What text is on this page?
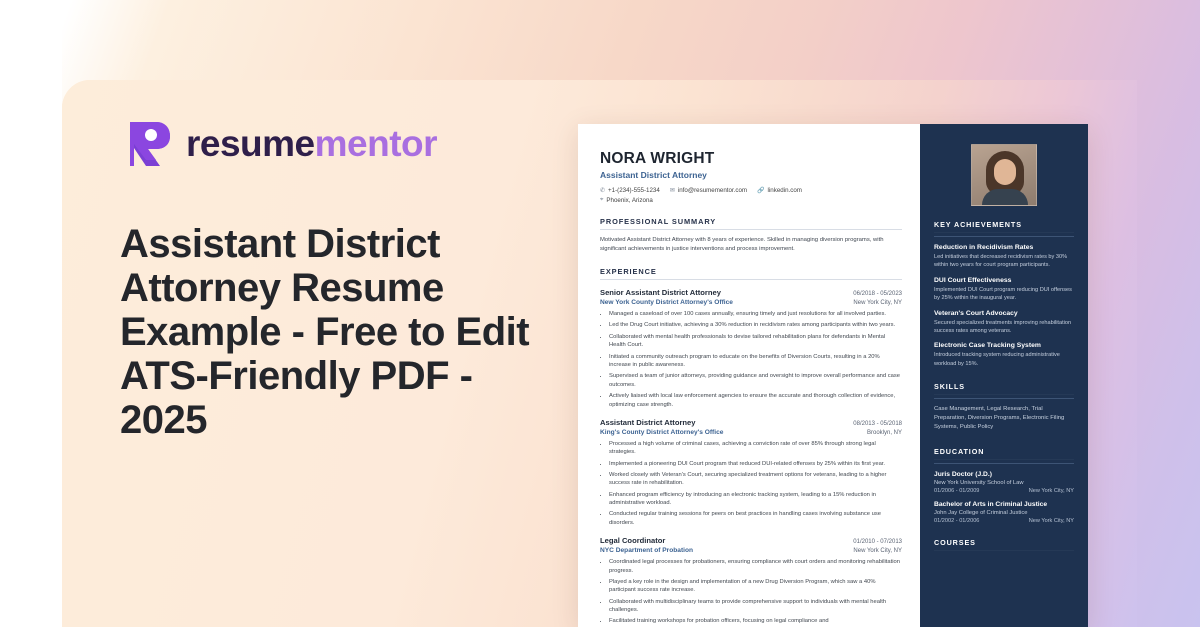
resumementor
Assistant District Attorney Resume Example - Free to Edit ATS-Friendly PDF - 2025
NORA WRIGHT
Assistant District Attorney
✆ +1-(234)-555-1234 ✉ info@resumementor.com 🔗 linkedin.com
⌖ Phoenix, Arizona
PROFESSIONAL SUMMARY
Motivated Assistant District Attorney with 8 years of experience. Skilled in managing diversion programs, with significant achievements in justice interventions and process improvement.
EXPERIENCE
Senior Assistant District Attorney	06/2018 - 05/2023
New York County District Attorney's Office	New York City, NY
• Managed a caseload of over 100 cases annually, ensuring timely and just resolutions for all involved parties.
• Led the Drug Court initiative, achieving a 30% reduction in recidivism rates among participants within two years.
• Collaborated with mental health professionals to devise tailored rehabilitation plans for defendants in Mental Health Court.
• Initiated a community outreach program to educate on the benefits of Diversion Courts, resulting in a 20% increase in public awareness.
• Supervised a team of junior attorneys, providing guidance and oversight to improve overall performance and case outcomes.
• Actively liaised with local law enforcement agencies to ensure the accurate and thorough collection of evidence, optimizing case strength.
Assistant District Attorney	08/2013 - 05/2018
King's County District Attorney's Office	Brooklyn, NY
• Processed a high volume of criminal cases, achieving a conviction rate of over 85% through strong legal strategies.
• Implemented a pioneering DUI Court program that reduced DUI-related offenses by 25% within its first year.
• Worked closely with Veteran's Court, securing specialized treatment options for veterans, leading to a higher success rate in rehabilitation.
• Enhanced program efficiency by introducing an electronic tracking system, leading to a 15% reduction in administrative workload.
• Conducted regular training sessions for peers on best practices in handling cases involving substance use disorders.
Legal Coordinator	01/2010 - 07/2013
NYC Department of Probation	New York City, NY
• Coordinated legal processes for probationers, ensuring compliance with court orders and monitoring rehabilitation progress.
• Played a key role in the design and implementation of a new Drug Diversion Program, which saw a 40% participant success rate increase.
• Collaborated with multidisciplinary teams to provide comprehensive support to individuals with mental health challenges.
• Facilitated training workshops for probation officers, focusing on legal compliance and
KEY ACHIEVEMENTS
Reduction in Recidivism Rates
Led initiatives that decreased recidivism rates by 30% within two years for court program participants.
DUI Court Effectiveness
Implemented DUI Court program reducing DUI offenses by 25% within the inaugural year.
Veteran's Court Advocacy
Secured specialized treatments improving rehabilitation success rates among veterans.
Electronic Case Tracking System
Introduced tracking system reducing administrative workload by 15%.
SKILLS
Case Management, Legal Research, Trial Preparation, Diversion Programs, Electronic Filing Systems, Public Policy
EDUCATION
Juris Doctor (J.D.)
New York University School of Law
01/2006 - 01/2009	New York City, NY
Bachelor of Arts in Criminal Justice
John Jay College of Criminal Justice
01/2002 - 01/2006	New York City, NY
COURSES
